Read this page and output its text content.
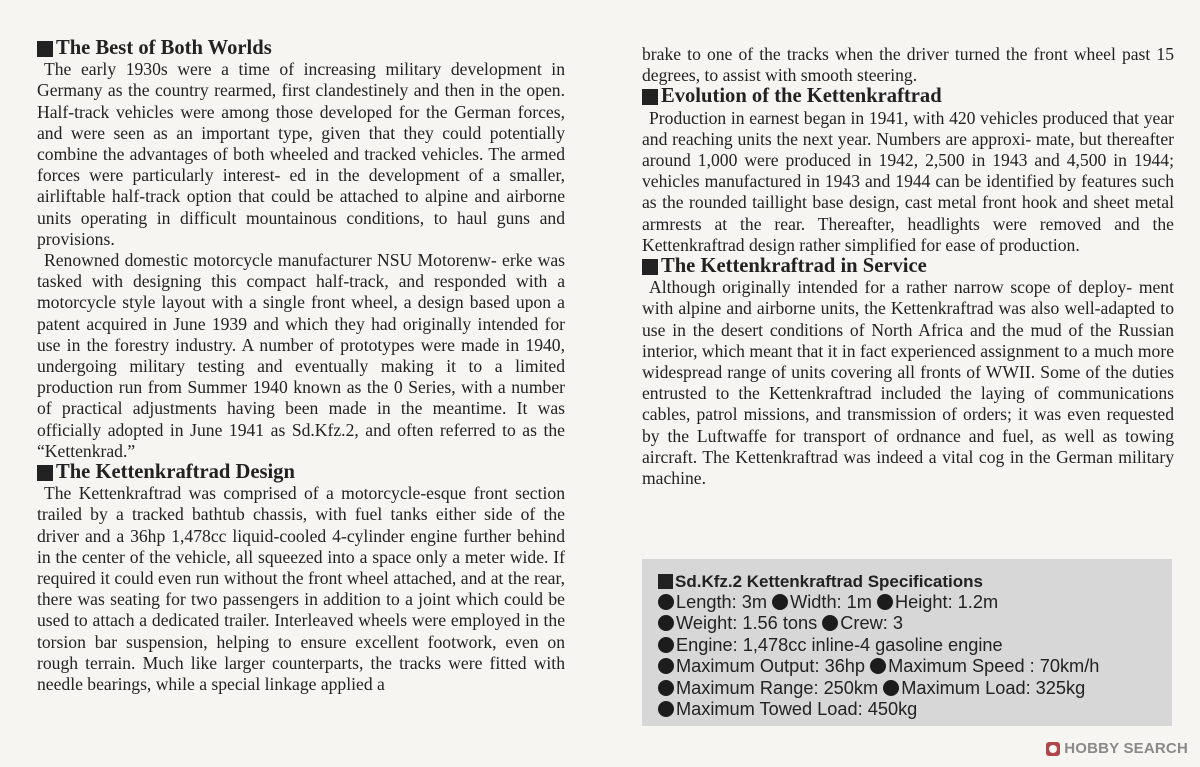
The Best of Both Worlds

The early 1930s were a time of increasing military development in Germany as the country rearmed, first clandestinely and then in the open. Half-track vehicles were among those developed for the German forces, and were seen as an important type, given that they could potentially combine the advantages of both wheeled and tracked vehicles. The armed forces were particularly interest- ed in the development of a smaller, airliftable half-track option that could be attached to alpine and airborne units operating in difficult mountainous conditions, to haul guns and provisions.

Renowned domestic motorcycle manufacturer NSU Motorenw- erke was tasked with designing this compact half-track, and responded with a motorcycle style layout with a single front wheel, a design based upon a patent acquired in June 1939 and which they had originally intended for use in the forestry industry. A number of prototypes were made in 1940, undergoing military testing and eventually making it to a limited production run from Summer 1940 known as the 0 Series, with a number of practical adjustments having been made in the meantime. It was officially adopted in June 1941 as Sd.Kfz.2, and often referred to as the “Kettenkrad.”

The Kettenkraftrad Design

The Kettenkraftrad was comprised of a motorcycle-esque front section trailed by a tracked bathtub chassis, with fuel tanks either side of the driver and a 36hp 1,478cc liquid-cooled 4-cylinder engine further behind in the center of the vehicle, all squeezed into a space only a meter wide. If required it could even run without the front wheel attached, and at the rear, there was seating for two passengers in addition to a joint which could be used to attach a dedicated trailer. Interleaved wheels were employed in the torsion bar suspension, helping to ensure excellent footwork, even on rough terrain. Much like larger counterparts, the tracks were fitted with needle bearings, while a special linkage applied a

brake to one of the tracks when the driver turned the front wheel past 15 degrees, to assist with smooth steering.

Evolution of the Kettenkraftrad

Production in earnest began in 1941, with 420 vehicles produced that year and reaching units the next year. Numbers are approxi- mate, but thereafter around 1,000 were produced in 1942, 2,500 in 1943 and 4,500 in 1944; vehicles manufactured in 1943 and 1944 can be identified by features such as the rounded taillight base design, cast metal front hook and sheet metal armrests at the rear. Thereafter, headlights were removed and the Kettenkraftrad design rather simplified for ease of production.

The Kettenkraftrad in Service

Although originally intended for a rather narrow scope of deploy- ment with alpine and airborne units, the Kettenkraftrad was also well-adapted to use in the desert conditions of North Africa and the mud of the Russian interior, which meant that it in fact experienced assignment to a much more widespread range of units covering all fronts of WWII. Some of the duties entrusted to the Kettenkraftrad included the laying of communications cables, patrol missions, and transmission of orders; it was even requested by the Luftwaffe for transport of ordnance and fuel, as well as towing aircraft. The Kettenkraftrad was indeed a vital cog in the German military machine.

Sd.Kfz.2 Kettenkraftrad Specifications
Length: 3m Width: 1m Height: 1.2m
Weight: 1.56 tons Crew: 3
Engine: 1,478cc inline-4 gasoline engine
Maximum Output: 36hp Maximum Speed : 70km/h
Maximum Range: 250km Maximum Load: 325kg
Maximum Towed Load: 450kg
HOBBY SEARCH
